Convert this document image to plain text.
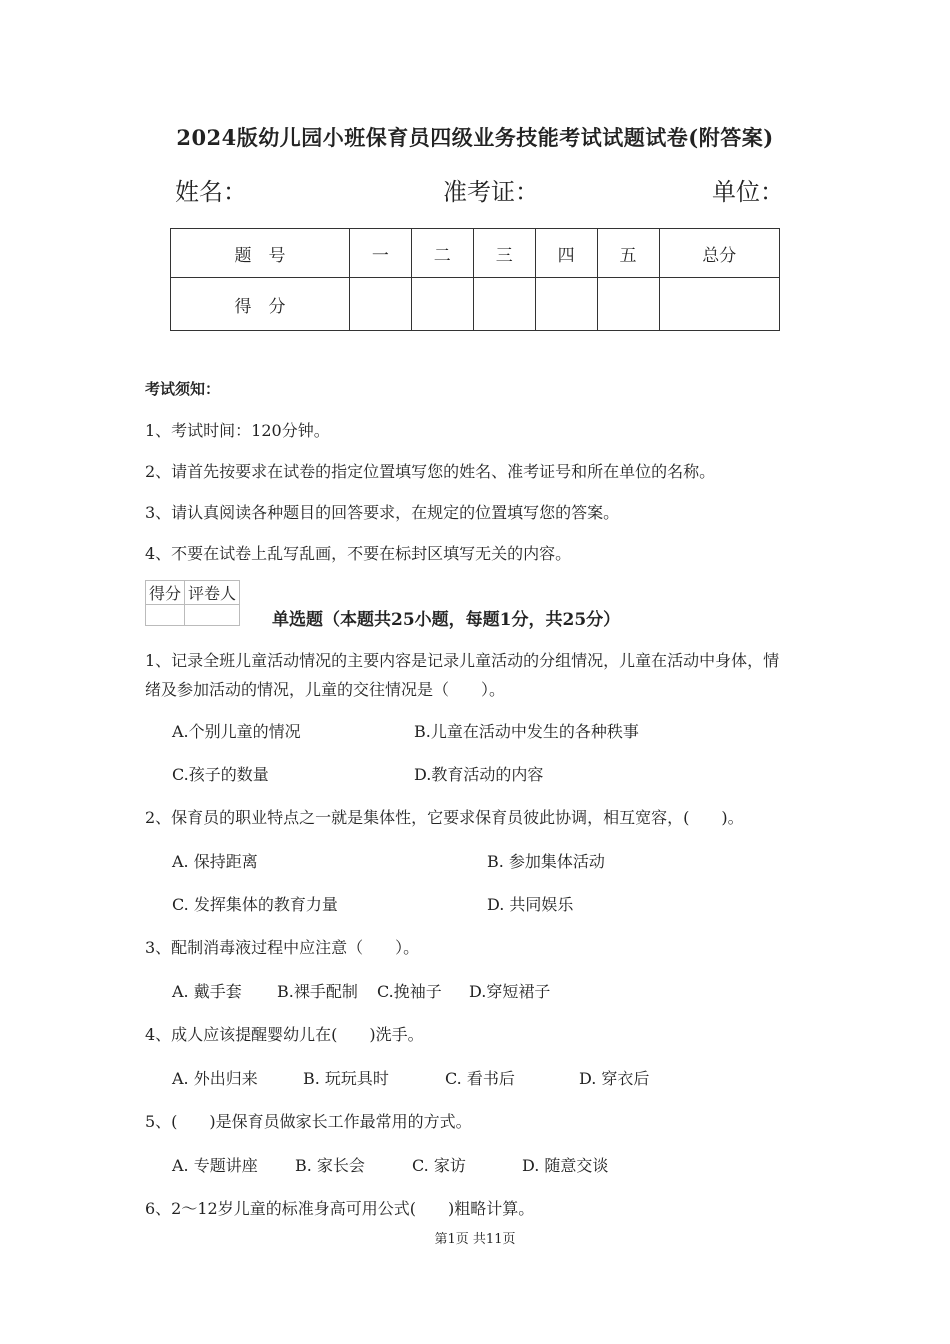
2024版幼儿园小班保育员四级业务技能考试试题试卷(附答案)
姓名：	准考证：	单位：
题　号	一	二	三	四	五	总分
得　分						
考试须知：
1、考试时间：120分钟。
2、请首先按要求在试卷的指定位置填写您的姓名、准考证号和所在单位的名称。
3、请认真阅读各种题目的回答要求，在规定的位置填写您的答案。
4、不要在试卷上乱写乱画，不要在标封区填写无关的内容。
得分	评卷人

单选题（本题共25小题，每题1分，共25分）
1、记录全班儿童活动情况的主要内容是记录儿童活动的分组情况，儿童在活动中身体，情
绪及参加活动的情况，儿童的交往情况是（　　）。
A.个别儿童的情况	B.儿童在活动中发生的各种秩事
C.孩子的数量	D.教育活动的内容
2、保育员的职业特点之一就是集体性，它要求保育员彼此协调，相互宽容，(　　)。
A. 保持距离	B. 参加集体活动
C. 发挥集体的教育力量	D. 共同娱乐
3、配制消毒液过程中应注意（　　）。
A. 戴手套 B.裸手配制 C.挽袖子 D.穿短裙子
4、成人应该提醒婴幼儿在(　　)洗手。
A. 外出归来	B. 玩玩具时	C. 看书后	D. 穿衣后
5、(　　)是保育员做家长工作最常用的方式。
A. 专题讲座 B. 家长会	C. 家访	D. 随意交谈
6、2～12岁儿童的标准身高可用公式(　　)粗略计算。
第1页 共11页
